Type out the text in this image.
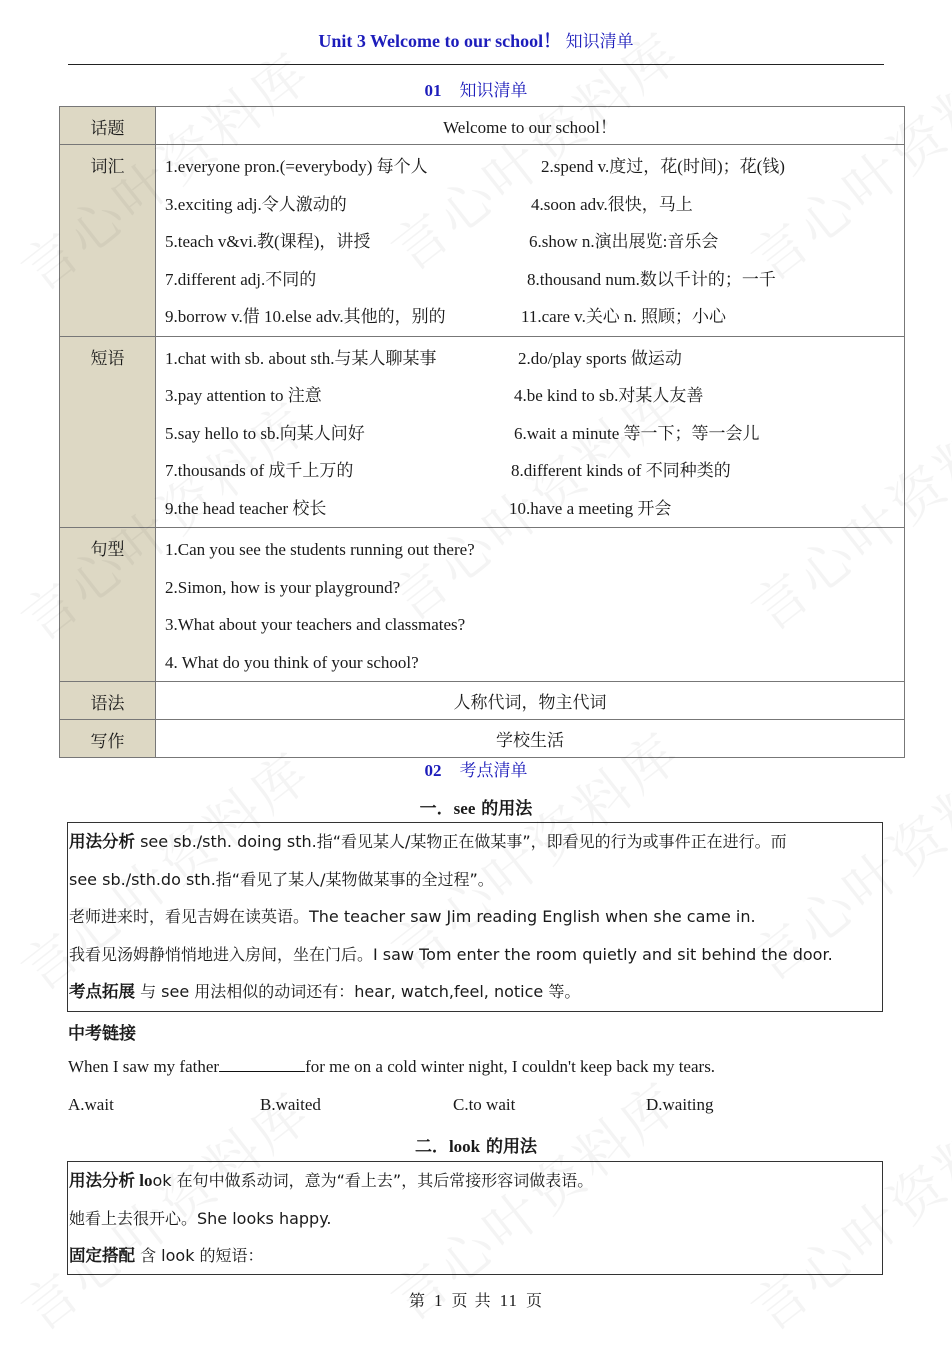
Unit 3 Welcome to our school！ 知识清单
01 知识清单
话题	Welcome to our school！
词汇	1.everyone pron.(=everybody) 每个人	2.spend v.度过，花(时间)；花(钱)
3.exciting adj.令人激动的	4.soon adv.很快，马上
5.teach v&vi.教(课程)，讲授	6.show n.演出展览:音乐会
7.different adj.不同的	8.thousand num.数以千计的；一千
9.borrow v.借 10.else adv.其他的，别的	11.care v.关心 n. 照顾；小心

短语	1.chat with sb. about sth.与某人聊某事	2.do/play sports 做运动
3.pay attention to 注意	4.be kind to sb.对某人友善
5.say hello to sb.向某人问好	6.wait a minute 等一下；等一会儿
7.thousands of 成千上万的	8.different kinds of 不同种类的
9.the head teacher 校长	10.have a meeting 开会

句型	1.Can you see the students running out there?
2.Simon, how is your playground?
3.What about your teachers and classmates?
4. What do you think of your school?

语法	人称代词，物主代词
写作	学校生活
02 考点清单
一．see 的用法
用法分析 see sb./sth. doing sth.指“看见某人/某物正在做某事”，即看见的行为或事件正在进行。而
see sb./sth.do sth.指“看见了某人/某物做某事的全过程”。
老师进来时，看见吉姆在读英语。The teacher saw Jim reading English when she came in.
我看见汤姆静悄悄地进入房间，坐在门后。I saw Tom enter the room quietly and sit behind the door.
考点拓展 与 see 用法相似的动词还有：hear, watch,feel, notice 等。
中考链接
When I saw my father	for me on a cold winter night, I couldn't keep back my tears.
A.wait	B.waited	C.to wait	D.waiting
二．look 的用法
用法分析 look 在句中做系动词，意为“看上去”，其后常接形容词做表语。
她看上去很开心。She looks happy.
固定搭配 含 look 的短语：
第 1 页 共 11 页
